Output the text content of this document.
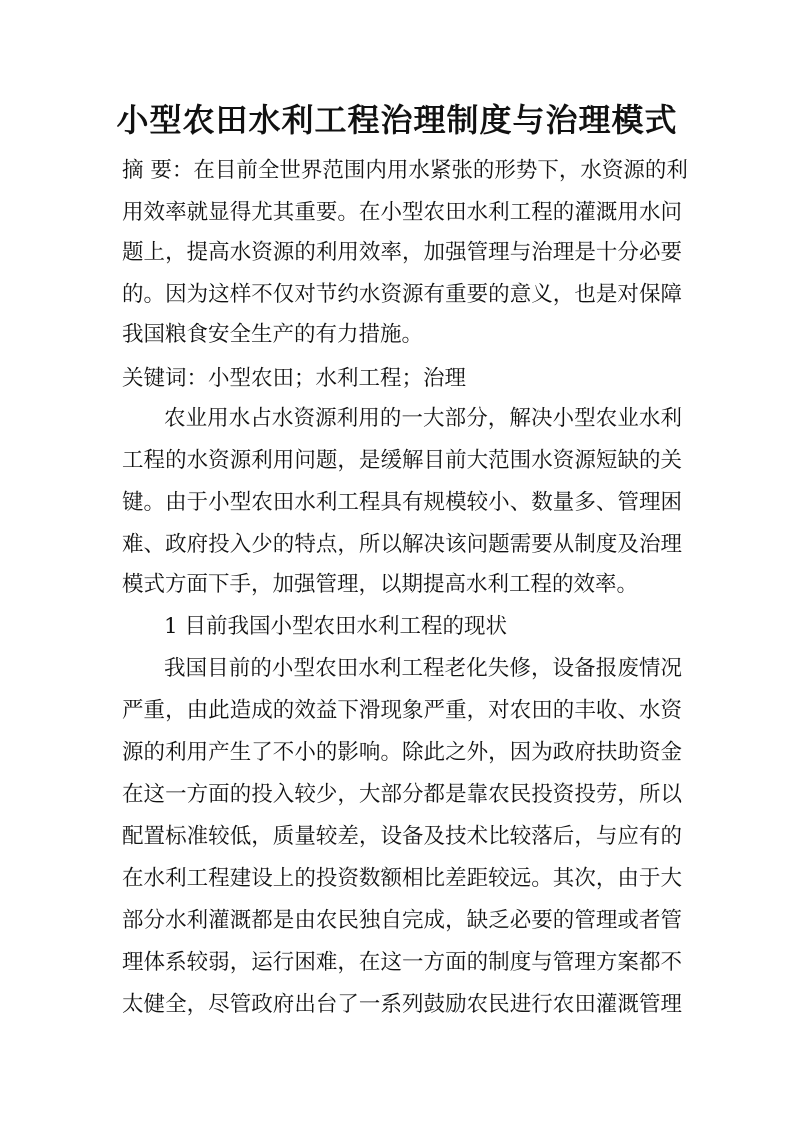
小型农田水利工程治理制度与治理模式
摘 要：在目前全世界范围内用水紧张的形势下，水资源的利
用效率就显得尤其重要。在小型农田水利工程的灌溉用水问
题上，提高水资源的利用效率，加强管理与治理是十分必要
的。因为这样不仅对节约水资源有重要的意义，也是对保障
我国粮食安全生产的有力措施。
关键词：小型农田；水利工程；治理
农业用水占水资源利用的一大部分，解决小型农业水利
工程的水资源利用问题，是缓解目前大范围水资源短缺的关
键。由于小型农田水利工程具有规模较小、数量多、管理困
难、政府投入少的特点，所以解决该问题需要从制度及治理
模式方面下手，加强管理，以期提高水利工程的效率。
1 目前我国小型农田水利工程的现状
我国目前的小型农田水利工程老化失修，设备报废情况
严重，由此造成的效益下滑现象严重，对农田的丰收、水资
源的利用产生了不小的影响。除此之外，因为政府扶助资金
在这一方面的投入较少，大部分都是靠农民投资投劳，所以
配置标准较低，质量较差，设备及技术比较落后，与应有的
在水利工程建设上的投资数额相比差距较远。其次，由于大
部分水利灌溉都是由农民独自完成，缺乏必要的管理或者管
理体系较弱，运行困难，在这一方面的制度与管理方案都不
太健全，尽管政府出台了一系列鼓励农民进行农田灌溉管理
